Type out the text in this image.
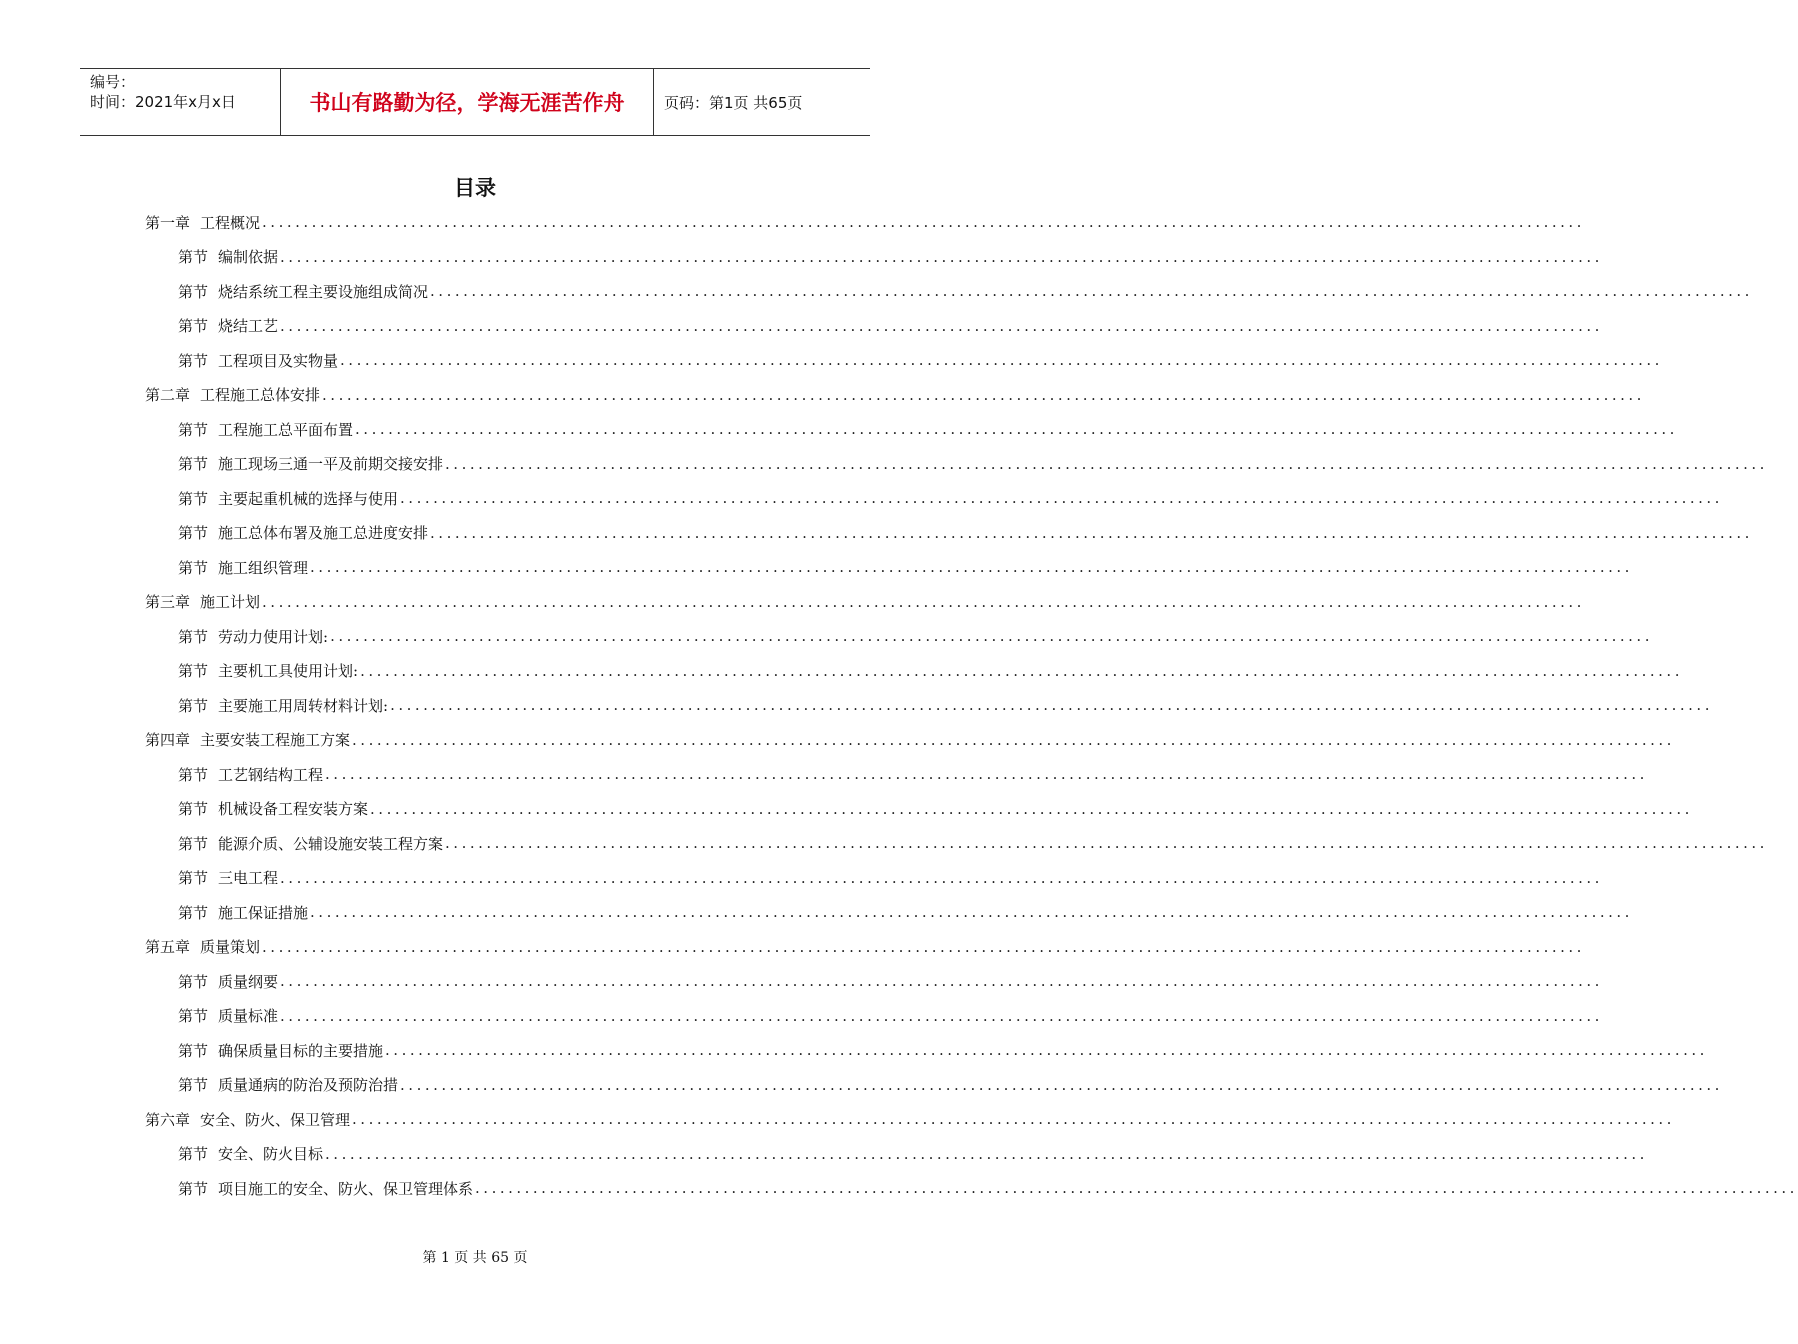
编号：
时间：2021年x月x日	书山有路勤为径，学海无涯苦作舟	页码：第1页 共65页
目录
第一章 工程概况 ................................................................................................................................................................
第节 编制依据 ................................................................................................................................................................
第节 烧结系统工程主要设施组成简况 ................................................................................................................................................................
第节 烧结工艺 ................................................................................................................................................................
第节 工程项目及实物量 ................................................................................................................................................................
第二章 工程施工总体安排 ................................................................................................................................................................
第节 工程施工总平面布置 ................................................................................................................................................................
第节 施工现场三通一平及前期交接安排 ................................................................................................................................................................
第节 主要起重机械的选择与使用 ................................................................................................................................................................
第节 施工总体布署及施工总进度安排 ................................................................................................................................................................
第节 施工组织管理 ................................................................................................................................................................
第三章 施工计划 ................................................................................................................................................................
第节 劳动力使用计划: ................................................................................................................................................................
第节 主要机工具使用计划: ................................................................................................................................................................
第节 主要施工用周转材料计划: ................................................................................................................................................................
第四章 主要安装工程施工方案 ................................................................................................................................................................
第节 工艺钢结构工程 ................................................................................................................................................................
第节 机械设备工程安装方案 ................................................................................................................................................................
第节 能源介质、公辅设施安装工程方案 ................................................................................................................................................................
第节 三电工程 ................................................................................................................................................................
第节 施工保证措施 ................................................................................................................................................................
第五章 质量策划 ................................................................................................................................................................
第节 质量纲要 ................................................................................................................................................................
第节 质量标准 ................................................................................................................................................................
第节 确保质量目标的主要措施 ................................................................................................................................................................
第节 质量通病的防治及预防治措 ................................................................................................................................................................
第六章 安全、防火、保卫管理 ................................................................................................................................................................
第节 安全、防火目标 ................................................................................................................................................................
第节 项目施工的安全、防火、保卫管理体系 ................................................................................................................................................................
第 1 页 共 65 页
